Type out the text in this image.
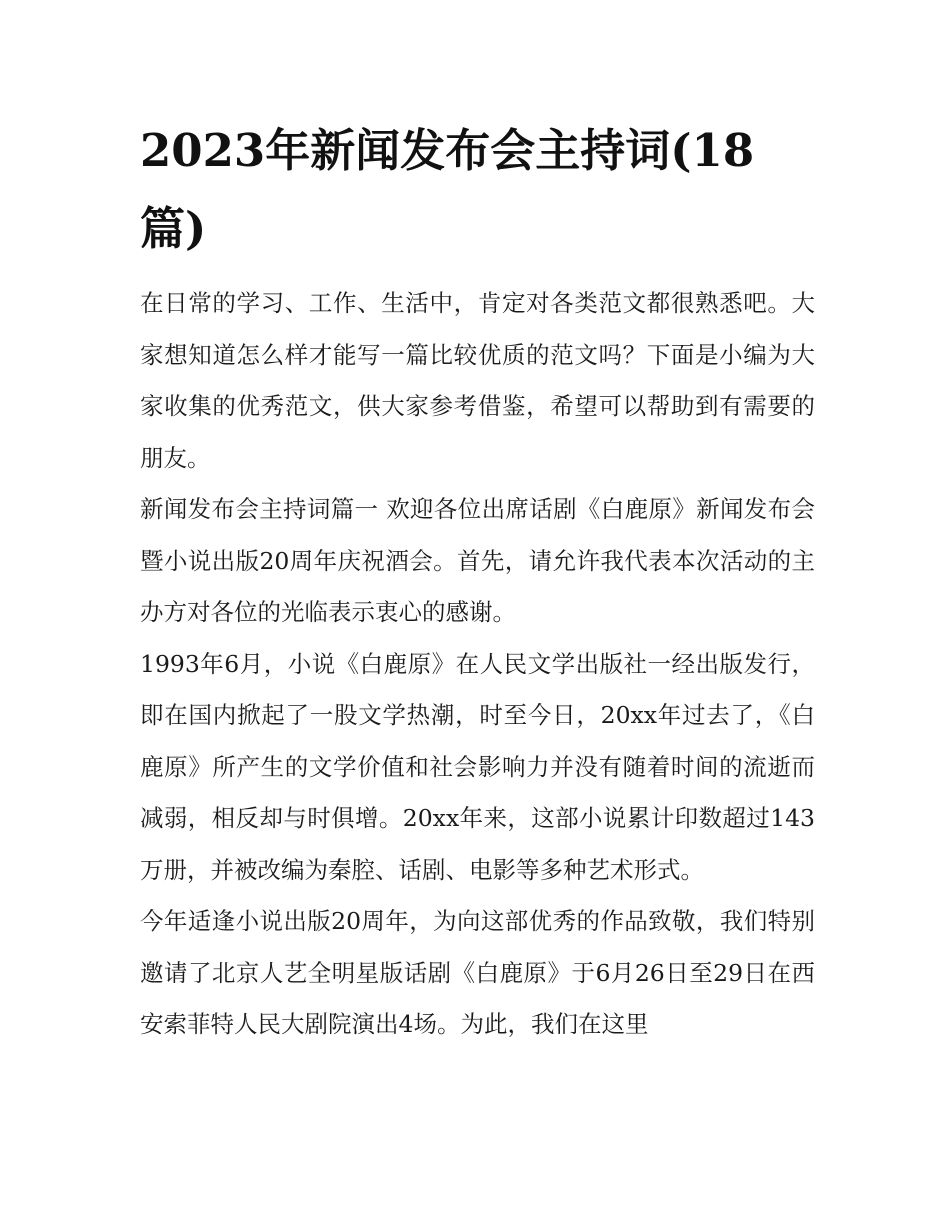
2023年新闻发布会主持词(18篇)

在日常的学习、工作、生活中，肯定对各类范文都很熟悉吧。大家想知道怎么样才能写一篇比较优质的范文吗？下面是小编为大家收集的优秀范文，供大家参考借鉴，希望可以帮助到有需要的朋友。

新闻发布会主持词篇一 欢迎各位出席话剧《白鹿原》新闻发布会暨小说出版20周年庆祝酒会。首先，请允许我代表本次活动的主办方对各位的光临表示衷心的感谢。

1993年6月，小说《白鹿原》在人民文学出版社一经出版发行，即在国内掀起了一股文学热潮，时至今日，20xx年过去了，《白鹿原》所产生的文学价值和社会影响力并没有随着时间的流逝而减弱，相反却与时俱增。20xx年来，这部小说累计印数超过143万册，并被改编为秦腔、话剧、电影等多种艺术形式。

今年适逢小说出版20周年，为向这部优秀的作品致敬，我们特别邀请了北京人艺全明星版话剧《白鹿原》于6月26日至29日在西安索菲特人民大剧院演出4场。为此，我们在这里
